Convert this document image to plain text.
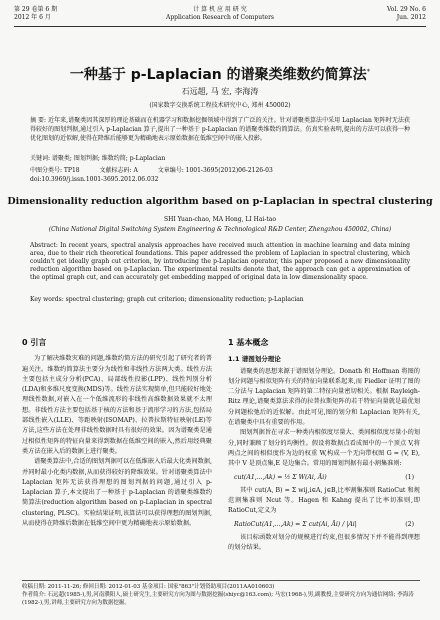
第 29 卷第 6 期
2012 年 6 月
计 算 机 应 用 研 究
Application Research of Computers
Vol. 29 No. 6
Jun. 2012
一种基于 p-Laplacian 的谱聚类维数约简算法*
石远超, 马 宏, 李海涛
(国家数字交换系统工程技术研究中心, 郑州 450002)
摘 要: 近年来,谱聚类因其深厚的理论基础而在机器学习和数据挖掘领域中得到了广泛的关注。针对谱聚类算法中采用 Laplacian 矩阵时无法获得较好的图划判据,通过引入 p-Laplacian 算子,提出了一种基于 p-Laplacian 的谱聚类维数约简算法。仿真实验表明,提出的方法可以获得一种优化图划的近似解,使得在降维后能够更为精确地表示原始数据在低维空间中的嵌入投影。
关键词: 谱聚类; 图划判据; 维数约简; p-Laplacian
中图分类号: TP18	文献标志码: A	文章编号: 1001-3695(2012)06-2126-03
doi:10.3969/j.issn.1001-3695.2012.06.032
Dimensionality reduction algorithm based on p-Laplacian in spectral clustering
SHI Yuan-chao, MA Hong, LI Hai-tao
(China National Digital Switching System Engineering & Technological R&D Center, Zhengzhou 450002, China)
Abstract: In recent years, spectral analysis approaches have received much attention in machine learning and data mining area, due to their rich theoretical foundations. This paper addressed the problem of Laplacian in spectral clustering, which couldn't get ideally graph cut criterion, by introducing the p-Laplacian operator, this paper proposed a new dimensionality reduction algorithm based on p-Laplacian. The experimental results denote that, the approach can get a approximation of the optimal graph cut, and can accurately get embedding mapped of original data in low dimensionality space.
Key words: spectral clustering; graph cut criterion; dimensionality reduction; p-Laplacian
0 引言

为了解决维数灾难的问题,维数约简方法的研究引起了研究者的普遍关注。维数约简算法主要分为线性和非线性方法两大类。线性方法主要包括主成分分析(PCA)、局部线性投影(LPP)、线性判别分析(LDA)和多维尺度变换(MDS)等。线性方法实现简单,但只能较好地处理线性数据,对嵌入在一个低维流形的非线性高维数据效果就不太理想。非线性方法主要包括基于核的方法和基于流形学习的方法,包括局部线性嵌入(LLE)、等距映射(ISOMAP)、拉普拉斯特征映射(LE)等方法,这些方法在处理非线性数据时具有很好的效果。因为谱聚类是通过相似性矩阵的特征向量来得到数据在低维空间的嵌入,然后用经典聚类方法在嵌入后的数据上进行聚类。

谱聚类算法中,合适的图划判据可以在低维嵌入后最大化类间数据,并同时最小化类内数据,从而获得较好的降维效果。针对谱聚类算法中 Laplacian 矩阵无法获得理想的图划判据的问题,通过引入 p-Laplacian 算子,本文提出了一种基于 p-Laplacian 的谱聚类维数约简算法(reduction algorithm based on p-Laplacian in spectral clustering, PLSC)。实验结果证明,该算法可以获得理想的图划判据,从而使得在降维后数据在低维空间中更为精确地表示原始数据。

1 基本概念
1.1 谱图划分理论

谱聚类的思想来源于谱图划分理论。Donath 和 Hoffman 将图的划分问题与相似矩阵有关的特征向量联系起来,而 Fiedler 证明了图的二分法与 Laplacian 矩阵的第二特征向量密切相关。根据 Rayleigh-Ritz 理论,谱聚类算法求得的拉普拉斯矩阵的若干特征向量就是最优划分问题松弛后的近似解。由此可见,图的划分和 Laplacian 矩阵有关,在谱聚类中具有重要的作用。

图划判据旨在寻求一种类内相似度尽量大、类间相似度尽量小的划分,同时兼顾了划分的均衡性。假设将数据点看成图中的一个顶点 V,将两点之间的相似度作为边的权重 W,构成一个无向带权图 G = (V, E),其中 V 是顶点集,E 是边集合。常用的图划判据有最小割集准则:

cut(A1,...,Ak) = ½ Σ W(Ai, Āi)	(1)

其中 cut(A, B) = Σ wij,i∈A, j∈B,比率割集准则 RatioCut 和规范割集准则 Ncut 等。Hagen 和 Kahng 提出了比率切准则,即 RatioCut,定义为

RatioCut(A1,...,Ak) = Σ cut(Ai, Āi) / |Ai|	(2)

该目标函数对划分的规模进行约束,但很多情况下并不能得到理想的划分结果。

收稿日期: 2011-11-26; 修回日期: 2012-01-03 基金项目: 国家"863"计划资助项目(2011AA010603)
作者简介: 石远超(1985-),男,河南濮阳人,硕士研究生,主要研究方向为图与数据挖掘(shiyc@163.com); 马宏(1968-),男,副教授,主要研究方向为通信网络; 李海涛(1982-),男,讲师,主要研究方向为数据挖掘。
